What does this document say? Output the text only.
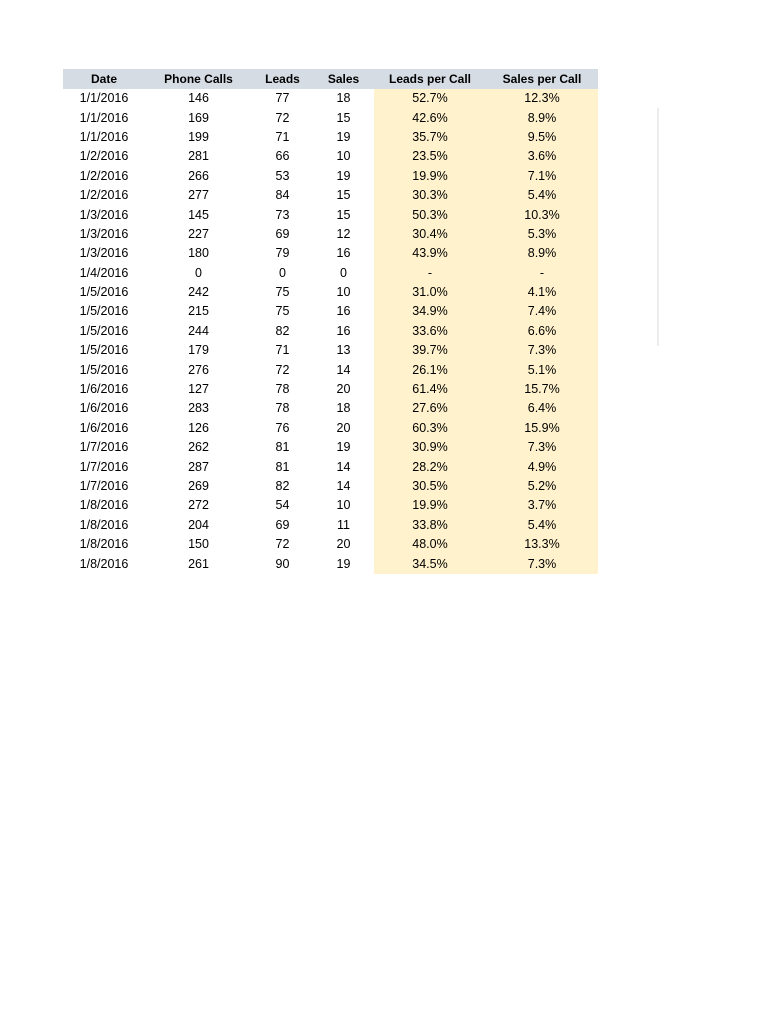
Date	Phone Calls	Leads	Sales	Leads per Call	Sales per Call
1/1/2016	146	77	18	52.7%	12.3%
1/1/2016	169	72	15	42.6%	8.9%
1/1/2016	199	71	19	35.7%	9.5%
1/2/2016	281	66	10	23.5%	3.6%
1/2/2016	266	53	19	19.9%	7.1%
1/2/2016	277	84	15	30.3%	5.4%
1/3/2016	145	73	15	50.3%	10.3%
1/3/2016	227	69	12	30.4%	5.3%
1/3/2016	180	79	16	43.9%	8.9%
1/4/2016	0	0	0	-	-
1/5/2016	242	75	10	31.0%	4.1%
1/5/2016	215	75	16	34.9%	7.4%
1/5/2016	244	82	16	33.6%	6.6%
1/5/2016	179	71	13	39.7%	7.3%
1/5/2016	276	72	14	26.1%	5.1%
1/6/2016	127	78	20	61.4%	15.7%
1/6/2016	283	78	18	27.6%	6.4%
1/6/2016	126	76	20	60.3%	15.9%
1/7/2016	262	81	19	30.9%	7.3%
1/7/2016	287	81	14	28.2%	4.9%
1/7/2016	269	82	14	30.5%	5.2%
1/8/2016	272	54	10	19.9%	3.7%
1/8/2016	204	69	11	33.8%	5.4%
1/8/2016	150	72	20	48.0%	13.3%
1/8/2016	261	90	19	34.5%	7.3%
